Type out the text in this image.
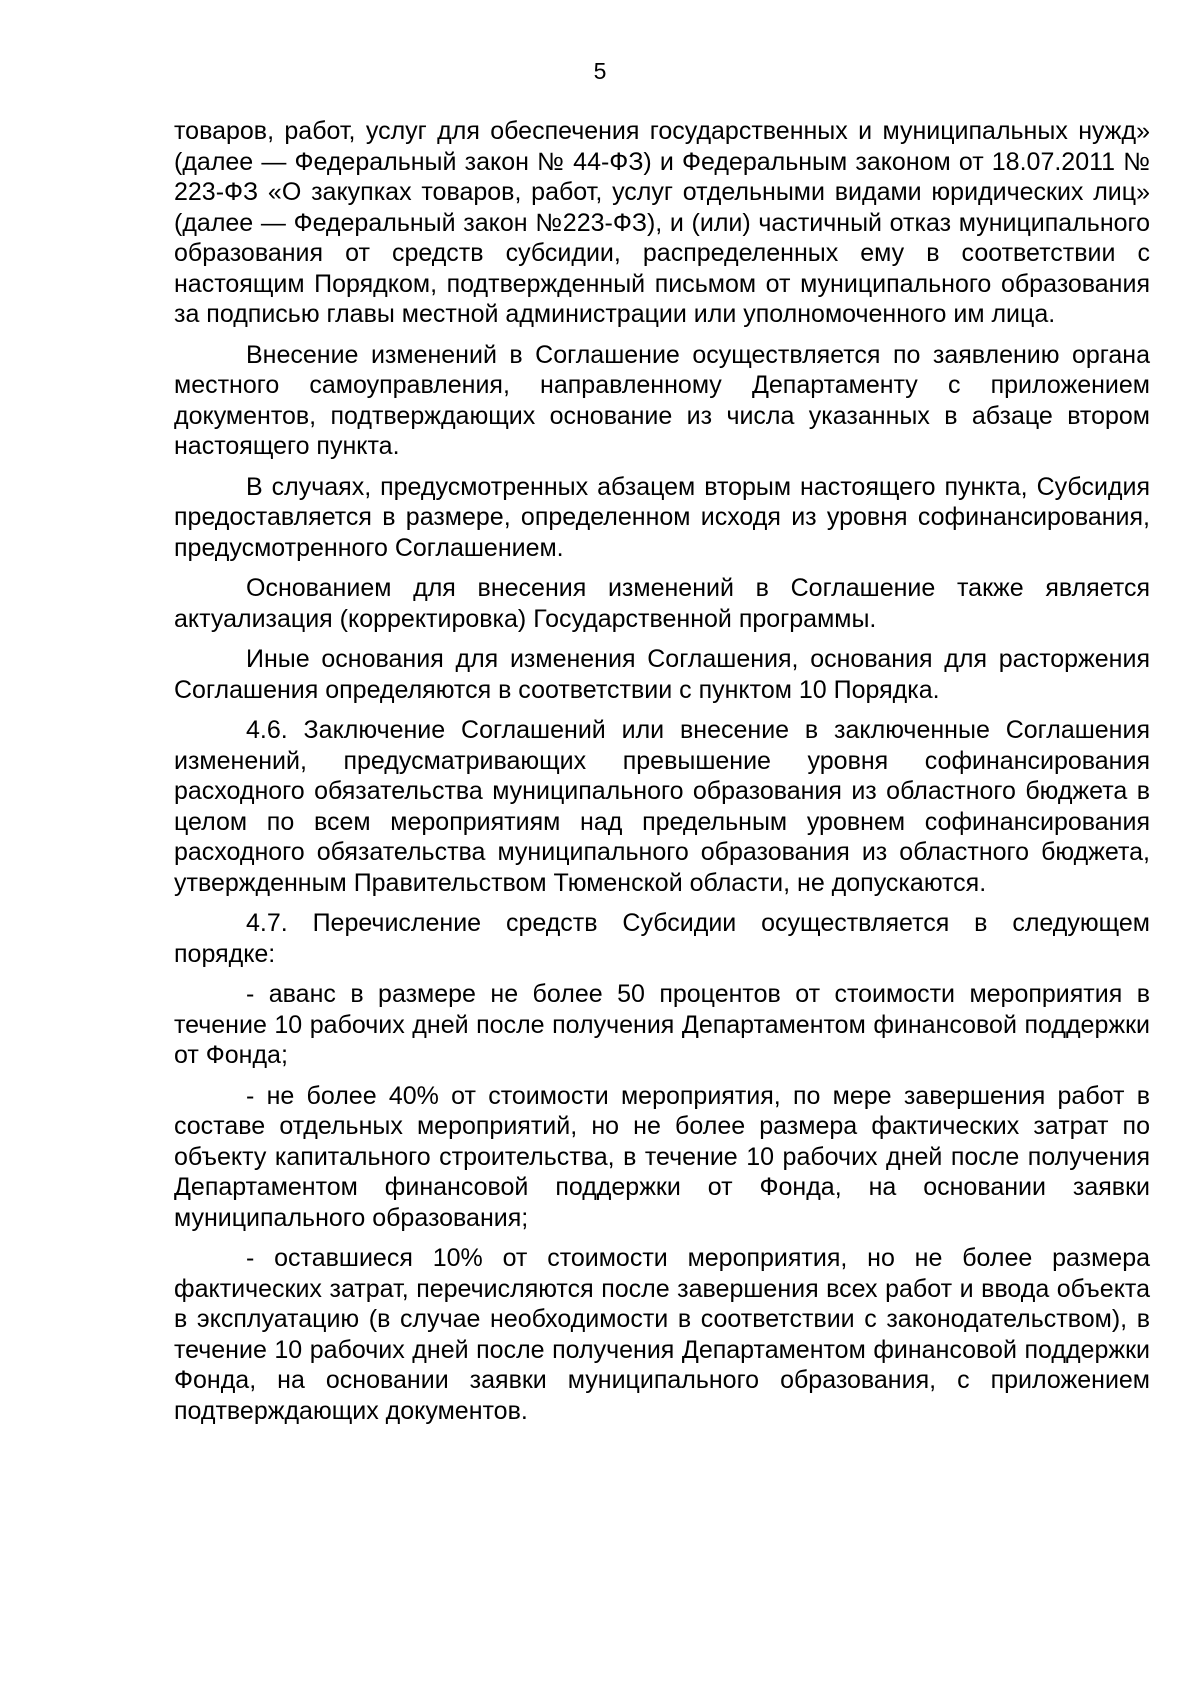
5

товаров, работ, услуг для обеспечения государственных и муниципальных нужд» (далее — Федеральный закон № 44-ФЗ) и Федеральным законом от 18.07.2011 № 223-ФЗ «О закупках товаров, работ, услуг отдельными видами юридических лиц» (далее — Федеральный закон №223-ФЗ), и (или) частичный отказ муниципального образования от средств субсидии, распределенных ему в соответствии с настоящим Порядком, подтвержденный письмом от муниципального образования за подписью главы местной администрации или уполномоченного им лица.

Внесение изменений в Соглашение осуществляется по заявлению органа местного самоуправления, направленному Департаменту с приложением документов, подтверждающих основание из числа указанных в абзаце втором настоящего пункта.

В случаях, предусмотренных абзацем вторым настоящего пункта, Субсидия предоставляется в размере, определенном исходя из уровня софинансирования, предусмотренного Соглашением.

Основанием для внесения изменений в Соглашение также является актуализация (корректировка) Государственной программы.

Иные основания для изменения Соглашения, основания для расторжения Соглашения определяются в соответствии с пунктом 10 Порядка.

4.6. Заключение Соглашений или внесение в заключенные Соглашения изменений, предусматривающих превышение уровня софинансирования расходного обязательства муниципального образования из областного бюджета в целом по всем мероприятиям над предельным уровнем софинансирования расходного обязательства муниципального образования из областного бюджета, утвержденным Правительством Тюменской области, не допускаются.

4.7. Перечисление средств Субсидии осуществляется в следующем порядке:

- аванс в размере не более 50 процентов от стоимости мероприятия в течение 10 рабочих дней после получения Департаментом финансовой поддержки от Фонда;

- не более 40% от стоимости мероприятия, по мере завершения работ в составе отдельных мероприятий, но не более размера фактических затрат по объекту капитального строительства, в течение 10 рабочих дней после получения Департаментом финансовой поддержки от Фонда, на основании заявки муниципального образования;

- оставшиеся 10% от стоимости мероприятия, но не более размера фактических затрат, перечисляются после завершения всех работ и ввода объекта в эксплуатацию (в случае необходимости в соответствии с законодательством), в течение 10 рабочих дней после получения Департаментом финансовой поддержки Фонда, на основании заявки муниципального образования, с приложением подтверждающих документов.
